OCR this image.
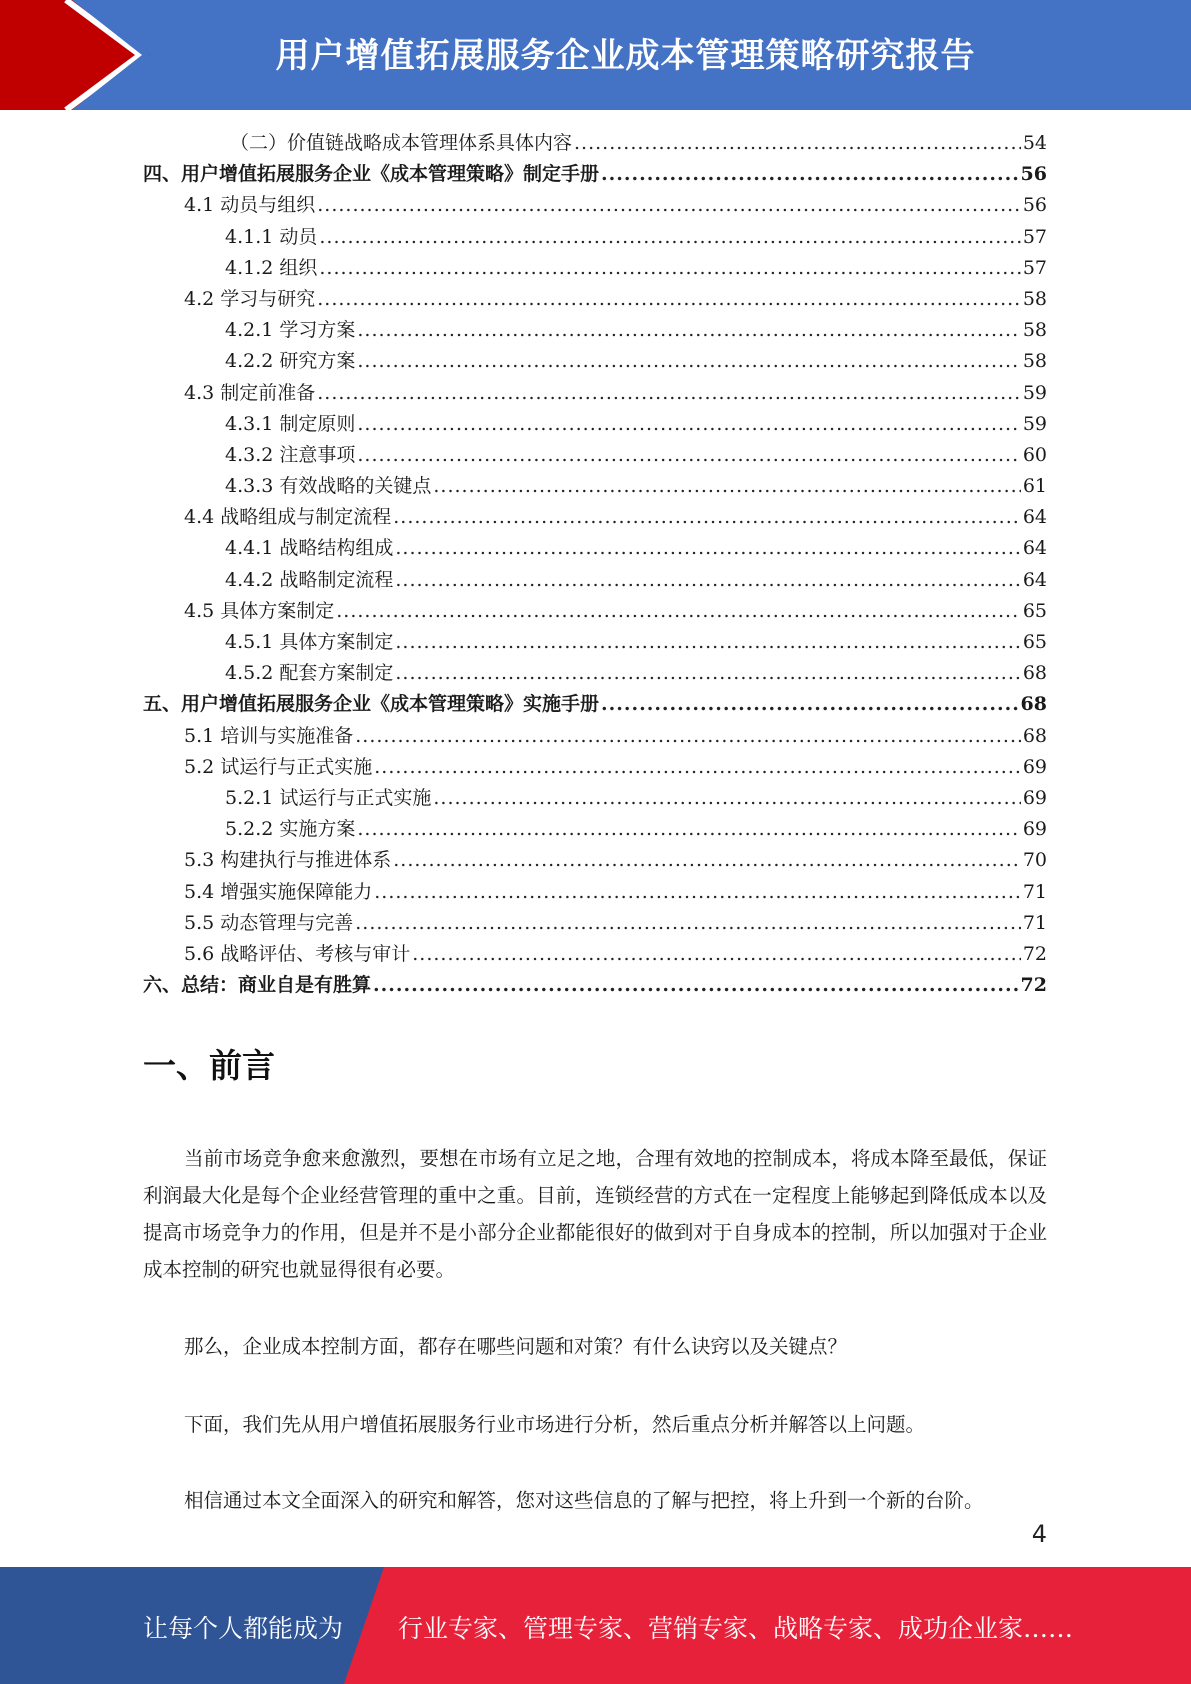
用户增值拓展服务企业成本管理策略研究报告
（二）价值链战略成本管理体系具体内容 .....	54
四、用户增值拓展服务企业《成本管理策略》制定手册 .....	56
4.1 动员与组织 .....	56
4.1.1 动员 .....	57
4.1.2 组织 .....	57
4.2 学习与研究 .....	58
4.2.1 学习方案 .....	58
4.2.2 研究方案 .....	58
4.3 制定前准备 .....	59
4.3.1 制定原则 .....	59
4.3.2 注意事项 .....	60
4.3.3 有效战略的关键点 .....	61
4.4 战略组成与制定流程 .....	64
4.4.1 战略结构组成 .....	64
4.4.2 战略制定流程 .....	64
4.5 具体方案制定 .....	65
4.5.1 具体方案制定 .....	65
4.5.2 配套方案制定 .....	68
五、用户增值拓展服务企业《成本管理策略》实施手册 .....	68
5.1 培训与实施准备 .....	68
5.2 试运行与正式实施 .....	69
5.2.1 试运行与正式实施 .....	69
5.2.2 实施方案 .....	69
5.3 构建执行与推进体系 .....	70
5.4 增强实施保障能力 .....	71
5.5 动态管理与完善 .....	71
5.6 战略评估、考核与审计 .....	72
六、总结：商业自是有胜算 .....	72
一、前言

当前市场竞争愈来愈激烈，要想在市场有立足之地，合理有效地的控制成本，将成本降至最低，保证利润最大化是每个企业经营管理的重中之重。目前，连锁经营的方式在一定程度上能够起到降低成本以及提高市场竞争力的作用，但是并不是小部分企业都能很好的做到对于自身成本的控制，所以加强对于企业成本控制的研究也就显得很有必要。

那么，企业成本控制方面，都存在哪些问题和对策？有什么诀窍以及关键点？

下面，我们先从用户增值拓展服务行业市场进行分析，然后重点分析并解答以上问题。

相信通过本文全面深入的研究和解答，您对这些信息的了解与把控，将上升到一个新的台阶。

4
让每个人都能成为 行业专家、管理专家、营销专家、战略专家、成功企业家……
